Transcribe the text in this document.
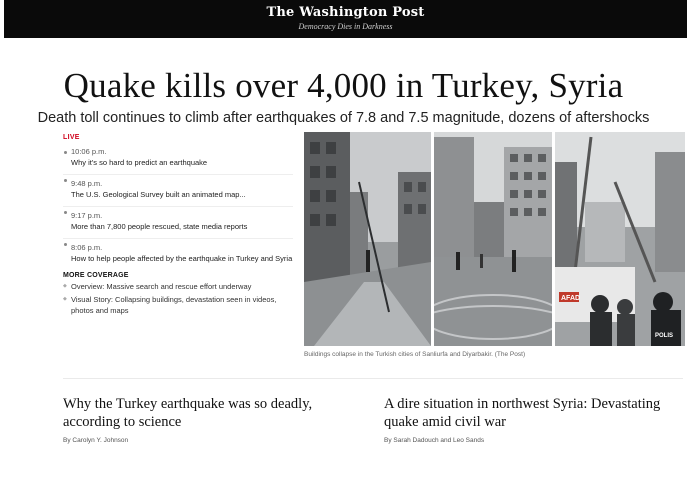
The Washington Post
Democracy Dies in Darkness
Quake kills over 4,000 in Turkey, Syria
Death toll continues to climb after earthquakes of 7.8 and 7.5 magnitude, dozens of aftershocks
LIVE
10:06 p.m.
Why it's so hard to predict an earthquake
9:48 p.m.
The U.S. Geological Survey built an animated map...
9:17 p.m.
More than 7,800 people rescued, state media reports
8:06 p.m.
How to help people affected by the earthquake in Turkey and Syria
MORE COVERAGE
◆ Overview: Massive search and rescue effort underway
◆ Visual Story: Collapsing buildings, devastation seen in videos, photos and maps
AFAD
POLIS
Buildings collapse in the Turkish cities of Sanliurfa and Diyarbakir. (The Post)
Why the Turkey earthquake was so deadly, according to science
By Carolyn Y. Johnson
A dire situation in northwest Syria: Devastating quake amid civil war
By Sarah Dadouch and Leo Sands
